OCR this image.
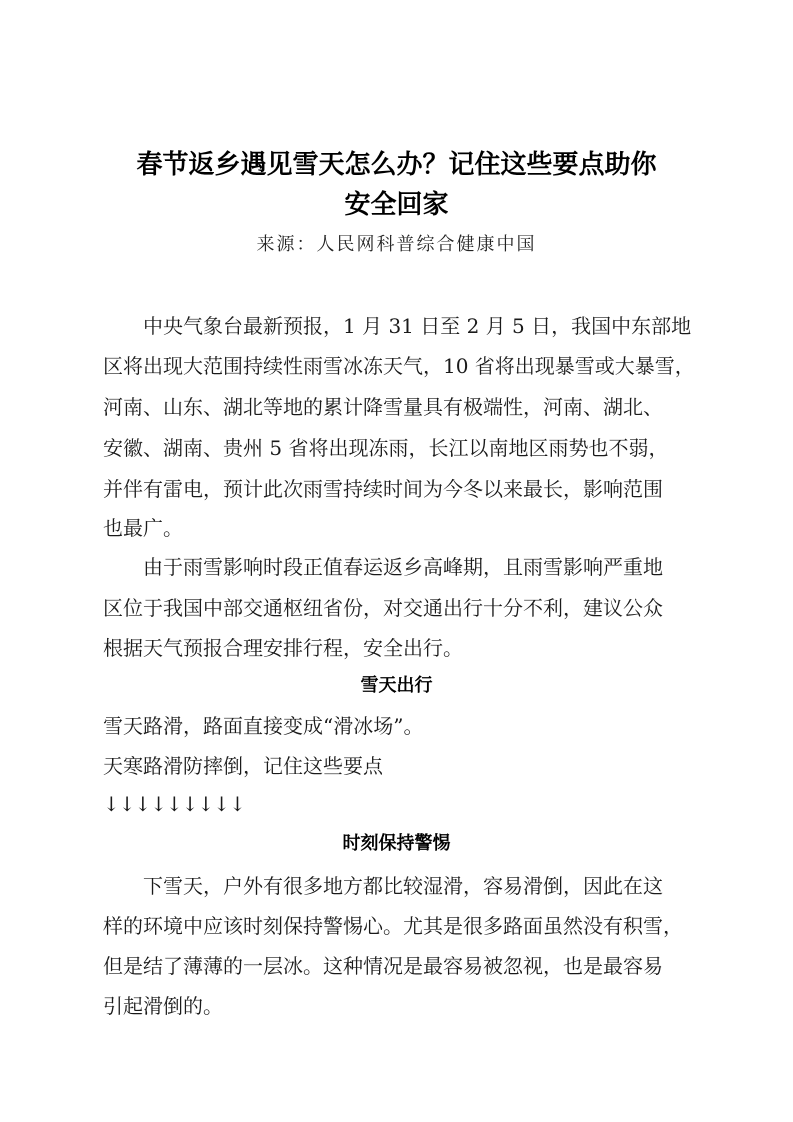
春节返乡遇见雪天怎么办？记住这些要点助你
安全回家
来源：人民网科普综合健康中国
中央气象台最新预报，1 月 31 日至 2 月 5 日，我国中东部地
区将出现大范围持续性雨雪冰冻天气，10 省将出现暴雪或大暴雪，
河南、山东、湖北等地的累计降雪量具有极端性，河南、湖北、
安徽、湖南、贵州 5 省将出现冻雨，长江以南地区雨势也不弱，
并伴有雷电，预计此次雨雪持续时间为今冬以来最长，影响范围
也最广。
由于雨雪影响时段正值春运返乡高峰期，且雨雪影响严重地
区位于我国中部交通枢纽省份，对交通出行十分不利，建议公众
根据天气预报合理安排行程，安全出行。
雪天出行
雪天路滑，路面直接变成“滑冰场”。
天寒路滑防摔倒，记住这些要点
↓↓↓↓↓↓↓↓↓
时刻保持警惕
下雪天，户外有很多地方都比较湿滑，容易滑倒，因此在这
样的环境中应该时刻保持警惕心。尤其是很多路面虽然没有积雪，
但是结了薄薄的一层冰。这种情况是最容易被忽视，也是最容易
引起滑倒的。
